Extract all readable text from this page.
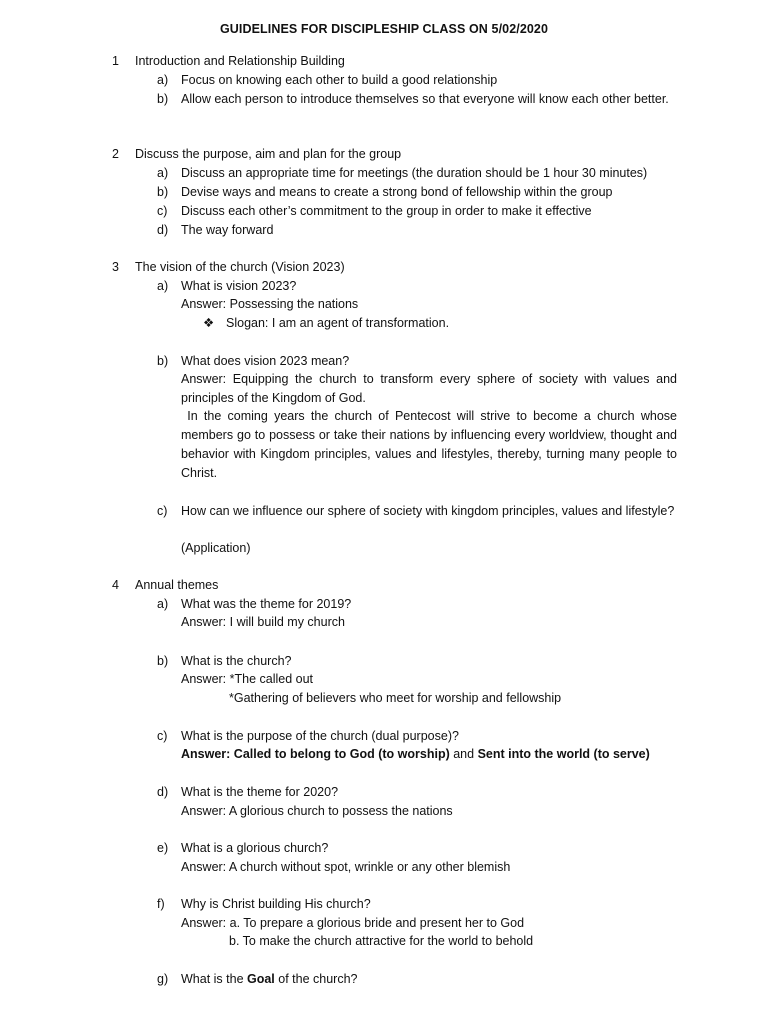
GUIDELINES FOR DISCIPLESHIP CLASS ON 5/02/2020
1 Introduction and Relationship Building
a)	Focus on knowing each other to build a good relationship
b)	Allow each person to introduce themselves so that everyone will know each other better.
2 Discuss the purpose, aim and plan for the group
a)	Discuss an appropriate time for meetings (the duration should be 1 hour 30 minutes)
b)	Devise ways and means to create a strong bond of fellowship within the group
c)	Discuss each other’s commitment to the group in order to make it effective
d)	The way forward
3 The vision of the church (Vision 2023)
a)	What is vision 2023?
Answer: Possessing the nations
❖ Slogan: I am an agent of transformation.
b)	What does vision 2023 mean?
Answer: Equipping the church to transform every sphere of society with values and principles of the Kingdom of God.
In the coming years the church of Pentecost will strive to become a church whose members go to possess or take their nations by influencing every worldview, thought and behavior with Kingdom principles, values and lifestyles, thereby, turning many people to Christ.
c)	How can we influence our sphere of society with kingdom principles, values and lifestyle?
(Application)
4 Annual themes
a)	What was the theme for 2019?
Answer: I will build my church
b)	What is the church?
Answer: *The called out
*Gathering of believers who meet for worship and fellowship
c)	What is the purpose of the church (dual purpose)?
Answer: Called to belong to God (to worship) and Sent into the world (to serve)
d)	What is the theme for 2020?
Answer: A glorious church to possess the nations
e)	What is a glorious church?
Answer: A church without spot, wrinkle or any other blemish
f)	Why is Christ building His church?
Answer: a. To prepare a glorious bride and present her to God
b. To make the church attractive for the world to behold
g)	What is the Goal of the church?
